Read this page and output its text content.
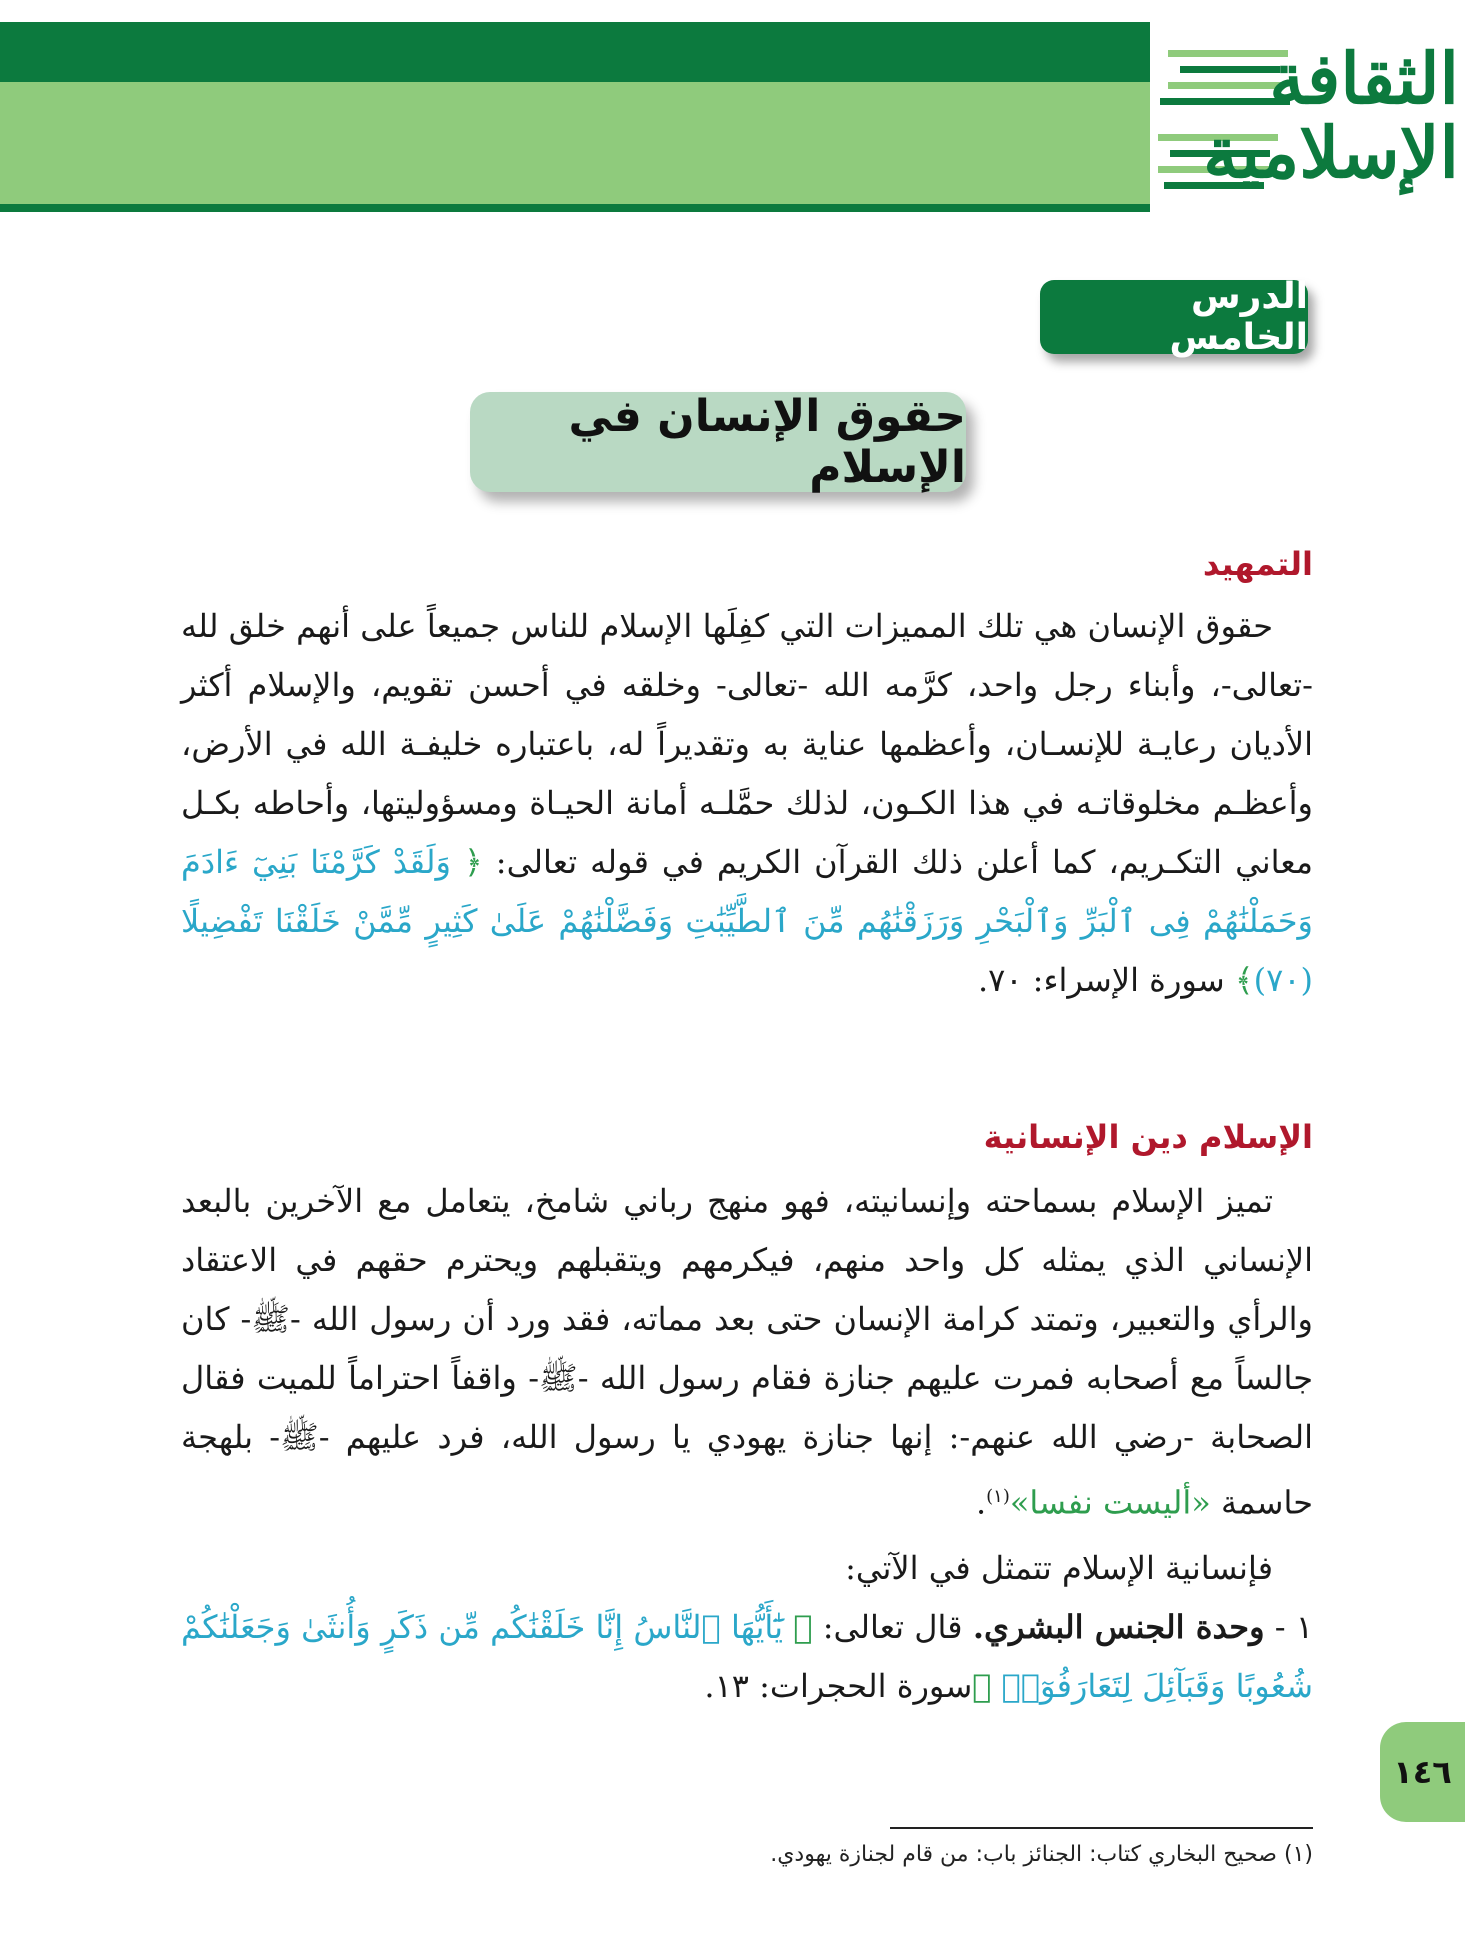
الثقافة
الإسلامية
الدرس الخامس
حقوق الإنسان في الإسلام
التمهيد

حقوق الإنسان هي تلك المميزات التي كفِلَها الإسلام للناس جميعاً على أنهم خلق لله -تعالى-، وأبناء رجل واحد، كرَّمه الله -تعالى- وخلقه في أحسن تقويم، والإسلام أكثر الأديان رعايـة للإنسـان، وأعظمها عناية به وتقديراً له، باعتباره خليفـة الله في الأرض، وأعظـم مخلوقاتـه في هذا الكـون، لذلك حمَّلـه أمانة الحيـاة ومسؤوليتها، وأحاطه بكـل معاني التكـريم، كما أعلن ذلك القرآن الكريم في قوله تعالى: ﴿ وَلَقَدْ كَرَّمْنَا بَنِيٓ ءَادَمَ وَحَمَلْنَٰهُمْ فِى ٱلْبَرِّ وَٱلْبَحْرِ وَرَزَقْنَٰهُم مِّنَ ٱلطَّيِّبَٰتِ وَفَضَّلْنَٰهُمْ عَلَىٰ كَثِيرٍ مِّمَّنْ خَلَقْنَا تَفْضِيلًا (٧٠)﴾ سورة الإسراء: ٧٠.

الإسلام دين الإنسانية

تميز الإسلام بسماحته وإنسانيته، فهو منهج رباني شامخ، يتعامل مع الآخرين بالبعد الإنساني الذي يمثله كل واحد منهم، فيكرمهم ويتقبلهم ويحترم حقهم في الاعتقاد والرأي والتعبير، وتمتد كرامة الإنسان حتى بعد مماته، فقد ورد أن رسول الله -ﷺ- كان جالساً مع أصحابه فمرت عليهم جنازة فقام رسول الله -ﷺ- واقفاً احتراماً للميت فقال الصحابة -رضي الله عنهم-: إنها جنازة يهودي يا رسول الله، فرد عليهم -ﷺ- بلهجة حاسمة «أليست نفسا»$^{(١)}$.

فإنسانية الإسلام تتمثل في الآتي:

١ - وحدة الجنس البشري. قال تعالى: ﴿ يَٰٓأَيُّهَا ٱلنَّاسُ إِنَّا خَلَقْنَٰكُم مِّن ذَكَرٍ وَأُنثَىٰ وَجَعَلْنَٰكُمْ شُعُوبًا وَقَبَآئِلَ لِتَعَارَفُوٓا۟ ﴾سورة الحجرات: ١٣.

١٤٦
(١) صحيح البخاري كتاب: الجنائز باب: من قام لجنازة يهودي.
